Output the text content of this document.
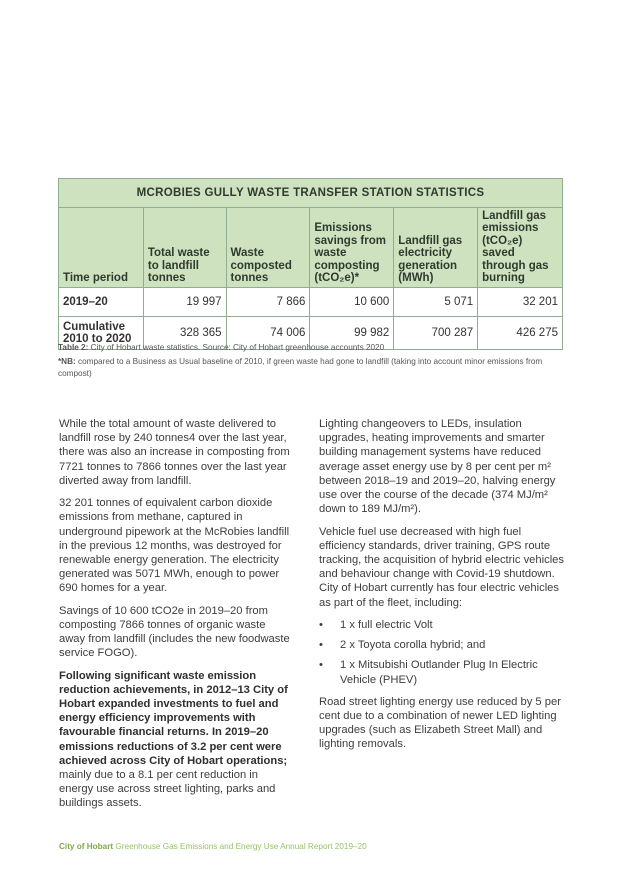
MCROBIES GULLY WASTE TRANSFER STATION STATISTICS					
Time period	Total waste to landfill tonnes	Waste composted tonnes	Emissions savings from waste composting (tCO₂e)*	Landfill gas electricity generation (MWh)	Landfill gas emissions (tCO₂e) saved through gas burning
2019–20	19 997	7 866	10 600	5 071	32 201
Cumulative 2010 to 2020	328 365	74 006	99 982	700 287	426 275

Table 2: City of Hobart waste statistics. Source: City of Hobart greenhouse accounts 2020

*NB: compared to a Business as Usual baseline of 2010, if green waste had gone to landfill (taking into account minor emissions from compost)

While the total amount of waste delivered to landfill rose by 240 tonnes4 over the last year, there was also an increase in composting from 7721 tonnes to 7866 tonnes over the last year diverted away from landfill.

32 201 tonnes of equivalent carbon dioxide emissions from methane, captured in underground pipework at the McRobies landfill in the previous 12 months, was destroyed for renewable energy generation. The electricity generated was 5071 MWh, enough to power 690 homes for a year.

Savings of 10 600 tCO2e in 2019–20 from composting 7866 tonnes of organic waste away from landfill (includes the new foodwaste service FOGO).

Following significant waste emission reduction achievements, in 2012–13 City of Hobart expanded investments to fuel and energy efficiency improvements with favourable financial returns. In 2019–20 emissions reductions of 3.2 per cent were achieved across City of Hobart operations;

mainly due to a 8.1 per cent reduction in energy use across street lighting, parks and buildings assets.

Lighting changeovers to LEDs, insulation upgrades, heating improvements and smarter building management systems have reduced average asset energy use by 8 per cent per m² between 2018–19 and 2019–20, halving energy use over the course of the decade (374 MJ/m² down to 189 MJ/m²).

Vehicle fuel use decreased with high fuel efficiency standards, driver training, GPS route tracking, the acquisition of hybrid electric vehicles and behaviour change with Covid-19 shutdown. City of Hobart currently has four electric vehicles as part of the fleet, including:

• 1 x full electric Volt
• 2 x Toyota corolla hybrid; and
• 1 x Mitsubishi Outlander Plug In Electric Vehicle (PHEV)

Road street lighting energy use reduced by 5 per cent due to a combination of newer LED lighting upgrades (such as Elizabeth Street Mall) and lighting removals.

City of Hobart Greenhouse Gas Emissions and Energy Use Annual Report 2019–20
